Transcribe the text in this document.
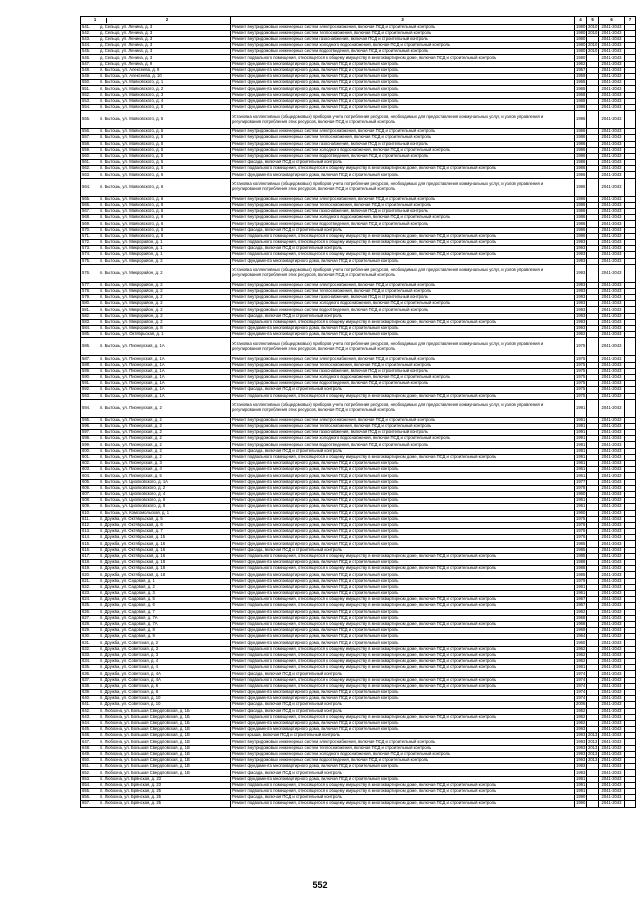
1 2	3	4	5	6	7
541. д. Сельцо, ул. Ленина, д. 3	Ремонт внутридомовых инженерных систем электроснабжения, включая ПСД и строительный контроль	1980	2010	2041-2043	
542. д. Сельцо, ул. Ленина, д. 3	Ремонт внутридомовых инженерных систем теплоснабжения, включая ПСД и строительный контроль	1980	2010	2041-2043	
543. д. Сельцо, ул. Ленина, д. 3	Ремонт внутридомовых инженерных систем газоснабжения, включая ПСД и строительный контроль	1980		2041-2043	
544. д. Сельцо, ул. Ленина, д. 3	Ремонт внутридомовых инженерных систем холодного водоснабжения, включая ПСД и строительный контроль	1980	2010	2041-2043	
545. д. Сельцо, ул. Ленина, д. 3	Ремонт внутридомовых инженерных систем водоотведения, включая ПСД и строительный контроль	1980	2010	2041-2043	
546. д. Сельцо, ул. Ленина, д. 3	Ремонт подвального помещения, относящегося к общему имуществу в многоквартирном доме, включая ПСД и строительный контроль	1980		2041-2043	
547. д. Сельцо, ул. Ленина, д. 9	Ремонт фундамента многоквартирного дома, включая ПСД и строительный контроль	1962		2041-2043	
548. п. Бытошь, ул. Алексеева, д. 9	Ремонт фундамента многоквартирного дома, включая ПСД и строительный контроль	1957		2041-2043	
549. п. Бытошь, ул. Алексеева, д. 10	Ремонт фундамента многоквартирного дома, включая ПСД и строительный контроль	1959		2041-2043	
550. п. Бытошь, ул. Маяковского, д. 1	Ремонт фундамента многоквартирного дома, включая ПСД и строительный контроль	1965		2041-2043	
551. п. Бытошь, ул. Маяковского, д. 2	Ремонт фундамента многоквартирного дома, включая ПСД и строительный контроль	1965		2041-2043	
552. п. Бытошь, ул. Маяковского, д. 3	Ремонт фундамента многоквартирного дома, включая ПСД и строительный контроль	1968		2041-2043	
553. п. Бытошь, ул. Маяковского, д. 4	Ремонт фундамента многоквартирного дома, включая ПСД и строительный контроль	1968		2041-2043	
554. п. Бытошь, ул. Маяковского, д. 5	Ремонт фундамента многоквартирного дома, включая ПСД и строительный контроль	1986		2041-2043	
555. п. Бытошь, ул. Маяковского, д. 5	Установка коллективных (общедомовых) приборов учета потребления ресурсов, необходимых для предоставления коммунальных услуг, и узлов управления и регулирования потребления этих ресурсов, включая ПСД и строительный контроль	1986		2041-2043	
556. п. Бытошь, ул. Маяковского, д. 5	Ремонт внутридомовых инженерных систем электроснабжения, включая ПСД и строительный контроль	1986		2041-2043	
557. п. Бытошь, ул. Маяковского, д. 5	Ремонт внутридомовых инженерных систем теплоснабжения, включая ПСД и строительный контроль	1986		2041-2043	
558. п. Бытошь, ул. Маяковского, д. 5	Ремонт внутридомовых инженерных систем газоснабжения, включая ПСД и строительный контроль	1986		2041-2043	
559. п. Бытошь, ул. Маяковского, д. 5	Ремонт внутридомовых инженерных систем холодного водоснабжения, включая ПСД и строительный контроль	1986		2041-2043	
560. п. Бытошь, ул. Маяковского, д. 5	Ремонт внутридомовых инженерных систем водоотведения, включая ПСД и строительный контроль	1986		2041-2043	
561. п. Бытошь, ул. Маяковского, д. 5	Ремонт фасада, включая ПСД и строительный контроль	1986		2041-2043	
562. п. Бытошь, ул. Маяковского, д. 5	Ремонт подвального помещения, относящегося к общему имуществу в многоквартирном доме, включая ПСД и строительный контроль	1986		2041-2043	
563. п. Бытошь, ул. Маяковского, д. 6	Ремонт фундамента многоквартирного дома, включая ПСД и строительный контроль	1986		2041-2043	
564. п. Бытошь, ул. Маяковского, д. 6	Установка коллективных (общедомовых) приборов учета потребления ресурсов, необходимых для предоставления коммунальных услуг, и узлов управления и регулирования потребления этих ресурсов, включая ПСД и строительный контроль	1986		2041-2043	
565. п. Бытошь, ул. Маяковского, д. 6	Ремонт внутридомовых инженерных систем электроснабжения, включая ПСД и строительный контроль	1986		2041-2043	
566. п. Бытошь, ул. Маяковского, д. 6	Ремонт внутридомовых инженерных систем теплоснабжения, включая ПСД и строительный контроль	1986		2041-2043	
567. п. Бытошь, ул. Маяковского, д. 6	Ремонт внутридомовых инженерных систем газоснабжения, включая ПСД и строительный контроль	1986		2041-2043	
568. п. Бытошь, ул. Маяковского, д. 6	Ремонт внутридомовых инженерных систем холодного водоснабжения, включая ПСД и строительный контроль	1986		2041-2043	
569. п. Бытошь, ул. Маяковского, д. 6	Ремонт внутридомовых инженерных систем водоотведения, включая ПСД и строительный контроль	1986		2041-2043	
570. п. Бытошь, ул. Маяковского, д. 6	Ремонт фасада, включая ПСД и строительный контроль	1986		2041-2043	
571. п. Бытошь, ул. Маяковского, д. 6	Ремонт подвального помещения, относящегося к общему имуществу в многоквартирном доме, включая ПСД и строительный контроль	1986		2041-2043	
572. п. Бытошь, ул. Микрорайон, д. 1	Ремонт подвального помещения, относящегося к общему имуществу в многоквартирном доме, включая ПСД и строительный контроль	1993		2041-2043	
573. п. Бытошь, ул. Микрорайон, д. 1	Ремонт фасада, включая ПСД и строительный контроль	1993		2041-2043	
574. п. Бытошь, ул. Микрорайон, д. 1	Ремонт подвального помещения, относящегося к общему имуществу в многоквартирном доме, включая ПСД и строительный контроль	1993		2041-2043	
575. п. Бытошь, ул. Микрорайон, д. 2	Ремонт фундамента многоквартирного дома, включая ПСД и строительный контроль	1993		2041-2043	
576. п. Бытошь, ул. Микрорайон, д. 2	Установка коллективных (общедомовых) приборов учета потребления ресурсов, необходимых для предоставления коммунальных услуг, и узлов управления и регулирования потребления этих ресурсов, включая ПСД и строительный контроль	1993		2041-2043	
577. п. Бытошь, ул. Микрорайон, д. 2	Ремонт внутридомовых инженерных систем электроснабжения, включая ПСД и строительный контроль	1993		2041-2043	
578. п. Бытошь, ул. Микрорайон, д. 2	Ремонт внутридомовых инженерных систем теплоснабжения, включая ПСД и строительный контроль	1993		2041-2043	
579. п. Бытошь, ул. Микрорайон, д. 2	Ремонт внутридомовых инженерных систем газоснабжения, включая ПСД и строительный контроль	1993		2041-2043	
580. п. Бытошь, ул. Микрорайон, д. 2	Ремонт внутридомовых инженерных систем холодного водоснабжения, включая ПСД и строительный контроль	1993		2041-2043	
581. п. Бытошь, ул. Микрорайон, д. 2	Ремонт внутридомовых инженерных систем водоотведения, включая ПСД и строительный контроль	1993		2041-2043	
582. п. Бытошь, ул. Микрорайон, д. 2	Ремонт фасада, включая ПСД и строительный контроль	1993		2041-2043	
583. п. Бытошь, ул. Микрорайон, д. 2	Ремонт подвального помещения, относящегося к общему имуществу в многоквартирном доме, включая ПСД и строительный контроль	1993		2041-2043	
584. п. Бытошь, ул. Микрорайон, д. 8	Ремонт фундамента многоквартирного дома, включая ПСД и строительный контроль	1993		2041-2043	
585. п. Бытошь, ул. Октябрьская, д. 1	Ремонт фундамента многоквартирного дома, включая ПСД и строительный контроль	1962		2041-2043	
586. п. Бытошь, ул. Пионерская, д. 1А	Установка коллективных (общедомовых) приборов учета потребления ресурсов, необходимых для предоставления коммунальных услуг, и узлов управления и регулирования потребления этих ресурсов, включая ПСД и строительный контроль	1975		2041-2043	
587. п. Бытошь, ул. Пионерская, д. 1А	Ремонт внутридомовых инженерных систем электроснабжения, включая ПСД и строительный контроль	1975		2041-2043	
588. п. Бытошь, ул. Пионерская, д. 1А	Ремонт внутридомовых инженерных систем теплоснабжения, включая ПСД и строительный контроль	1975		2041-2043	
589. п. Бытошь, ул. Пионерская, д. 1А	Ремонт внутридомовых инженерных систем газоснабжения, включая ПСД и строительный контроль	1975		2041-2043	
590. п. Бытошь, ул. Пионерская, д. 1А	Ремонт внутридомовых инженерных систем холодного водоснабжения, включая ПСД и строительный контроль	1975		2041-2043	
591. п. Бытошь, ул. Пионерская, д. 1А	Ремонт внутридомовых инженерных систем водоотведения, включая ПСД и строительный контроль	1975		2041-2043	
592. п. Бытошь, ул. Пионерская, д. 1А	Ремонт фасада, включая ПСД и строительный контроль	1975		2041-2043	
593. п. Бытошь, ул. Пионерская, д. 1А	Ремонт подвального помещения, относящегося к общему имуществу в многоквартирном доме, включая ПСД и строительный контроль	1975		2041-2043	
594. п. Бытошь, ул. Пионерская, д. 2	Установка коллективных (общедомовых) приборов учета потребления ресурсов, необходимых для предоставления коммунальных услуг, и узлов управления и регулирования потребления этих ресурсов, включая ПСД и строительный контроль	1991		2041-2043	
595. п. Бытошь, ул. Пионерская, д. 2	Ремонт внутридомовых инженерных систем электроснабжения, включая ПСД и строительный контроль	1991		2041-2043	
596. п. Бытошь, ул. Пионерская, д. 2	Ремонт внутридомовых инженерных систем теплоснабжения, включая ПСД и строительный контроль	1991		2041-2043	
597. п. Бытошь, ул. Пионерская, д. 2	Ремонт внутридомовых инженерных систем газоснабжения, включая ПСД и строительный контроль	1991		2041-2043	
598. п. Бытошь, ул. Пионерская, д. 2	Ремонт внутридомовых инженерных систем холодного водоснабжения, включая ПСД и строительный контроль	1991		2041-2043	
599. п. Бытошь, ул. Пионерская, д. 2	Ремонт внутридомовых инженерных систем водоотведения, включая ПСД и строительный контроль	1991		2041-2043	
600. п. Бытошь, ул. Пионерская, д. 2	Ремонт фасада, включая ПСД и строительный контроль	1991		2041-2043	
601. п. Бытошь, ул. Пионерская, д. 2	Ремонт подвального помещения, относящегося к общему имуществу в многоквартирном доме, включая ПСД и строительный контроль	1991		2041-2043	
602. п. Бытошь, ул. Пионерская, д. 3	Ремонт фундамента многоквартирного дома, включая ПСД и строительный контроль	1961		2041-2043	
603. п. Бытошь, ул. Пионерская, д. 4	Ремонт фундамента многоквартирного дома, включая ПСД и строительный контроль	1961		2041-2043	
604. п. Бытошь, ул. Пионерская, д. 5	Ремонт фундамента многоквартирного дома, включая ПСД и строительный контроль	1961		2041-2043	
605. п. Бытошь, ул. Циолковского, д. 1А	Ремонт фундамента многоквартирного дома, включая ПСД и строительный контроль	1977		2041-2043	
606. п. Бытошь, ул. Циолковского, д. 2	Ремонт фундамента многоквартирного дома, включая ПСД и строительный контроль	1978		2041-2043	
607. п. Бытошь, ул. Циолковского, д. 4	Ремонт фундамента многоквартирного дома, включая ПСД и строительный контроль	1960		2041-2043	
608. п. Бытошь, ул. Циолковского, д. 6	Ремонт фундамента многоквартирного дома, включая ПСД и строительный контроль	1961		2041-2043	
609. п. Бытошь, ул. Циолковского, д. 8	Ремонт фундамента многоквартирного дома, включая ПСД и строительный контроль	1961		2041-2043	
610. п. Бытошь, ул. Комсомольская, д. 1	Ремонт фундамента многоквартирного дома, включая ПСД и строительный контроль	1960		2041-2043	
611. п. Дружба, ул. Октябрьская, д. 5	Ремонт фундамента многоквартирного дома, включая ПСД и строительный контроль	1975		2041-2043	
612. п. Дружба, ул. Октябрьская, д. 6	Ремонт фундамента многоквартирного дома, включая ПСД и строительный контроль	1976		2041-2043	
613. п. Дружба, ул. Октябрьская, д. 7	Ремонт фундамента многоквартирного дома, включая ПСД и строительный контроль	1976		2041-2043	
614. п. Дружба, ул. Октябрьская, д. 15	Ремонт фундамента многоквартирного дома, включая ПСД и строительный контроль	1976		2041-2043	
615. п. Дружба, ул. Октябрьская, д. 16	Ремонт фундамента многоквартирного дома, включая ПСД и строительный контроль	1985		2041-2043	
616. п. Дружба, ул. Октябрьская, д. 16	Ремонт фасада, включая ПСД и строительный контроль	1985		2041-2043	
617. п. Дружба, ул. Октябрьская, д. 16	Ремонт подвального помещения, относящегося к общему имуществу в многоквартирном доме, включая ПСД и строительный контроль	1985		2041-2043	
618. п. Дружба, ул. Октябрьская, д. 18	Ремонт фундамента многоквартирного дома, включая ПСД и строительный контроль	1988		2041-2043	
619. п. Дружба, ул. Октябрьская, д. 18	Ремонт подвального помещения, относящегося к общему имуществу в многоквартирном доме, включая ПСД и строительный контроль	1988		2041-2043	
620. п. Дружба, ул. Октябрьская, д. 18	Ремонт фундамента многоквартирного дома, включая ПСД и строительный контроль	1985		2041-2043	
621. п. Дружба, ул. Садовая, д. 1	Ремонт фундамента многоквартирного дома, включая ПСД и строительный контроль	1979		2041-2043	
622. п. Дружба, ул. Садовая, д. 2	Ремонт фундамента многоквартирного дома, включая ПСД и строительный контроль	1961		2041-2043	
623. п. Дружба, ул. Садовая, д. 3	Ремонт фундамента многоквартирного дома, включая ПСД и строительный контроль	1961		2041-2043	
624. п. Дружба, ул. Садовая, д. 5	Ремонт подвального помещения, относящегося к общему имуществу в многоквартирном доме, включая ПСД и строительный контроль	1967		2041-2043	
625. п. Дружба, ул. Садовая, д. 6	Ремонт подвального помещения, относящегося к общему имуществу в многоквартирном доме, включая ПСД и строительный контроль	1967		2041-2043	
626. п. Дружба, ул. Садовая, д. 7	Ремонт фундамента многоквартирного дома, включая ПСД и строительный контроль	1962		2041-2043	
627. п. Дружба, ул. Садовая, д. 7А	Ремонт фундамента многоквартирного дома, включая ПСД и строительный контроль	1968		2041-2043	
628. п. Дружба, ул. Садовая, д. 7А	Ремонт подвального помещения, относящегося к общему имуществу в многоквартирном доме, включая ПСД и строительный контроль	1968		2041-2043	
629. п. Дружба, ул. Садовая, д. 8	Ремонт фундамента многоквартирного дома, включая ПСД и строительный контроль	1969		2041-2043	
630. п. Дружба, ул. Садовая, д. 9	Ремонт фундамента многоквартирного дома, включая ПСД и строительный контроль	1964		2041-2043	
631. п. Дружба, ул. Советская, д. 2	Ремонт фундамента многоквартирного дома, включая ПСД и строительный контроль	1960		2041-2043	
632. п. Дружба, ул. Советская, д. 3	Ремонт подвального помещения, относящегося к общему имуществу в многоквартирном доме, включая ПСД и строительный контроль	1962		2041-2043	
633. п. Дружба, ул. Советская, д. 3	Ремонт подвального помещения, относящегося к общему имуществу в многоквартирном доме, включая ПСД и строительный контроль	1962		2041-2043	
634. п. Дружба, ул. Советская, д. 4	Ремонт подвального помещения, относящегося к общему имуществу в многоквартирном доме, включая ПСД и строительный контроль	1962		2041-2043	
635. п. Дружба, ул. Советская, д. 4	Ремонт подвального помещения, относящегося к общему имуществу в многоквартирном доме, включая ПСД и строительный контроль	1961		2041-2043	
636. п. Дружба, ул. Советская, д. 4А	Ремонт фасада, включая ПСД и строительный контроль	1974		2041-2043	
637. п. Дружба, ул. Советская, д. 4А	Ремонт подвального помещения, относящегося к общему имуществу в многоквартирном доме, включая ПСД и строительный контроль	1974		2041-2043	
638. п. Дружба, ул. Советская, д. 6	Ремонт подвального помещения, относящегося к общему имуществу в многоквартирном доме, включая ПСД и строительный контроль	1974		2041-2043	
639. п. Дружба, ул. Советская, д. 8	Ремонт фундамента многоквартирного дома, включая ПСД и строительный контроль	1974		2041-2043	
640. п. Дружба, ул. Советская, д. 10	Ремонт фундамента многоквартирного дома, включая ПСД и строительный контроль	1974		2041-2043	
641. п. Дружба, ул. Советская, д. 10	Ремонт фасада, включая ПСД и строительный контроль	2006		2041-2043	
642. п. Любохна, ул. Большая Свердловская, д. 1Б	Ремонт фасада, включая ПСД и строительный контроль	1962		2041-2043	
643. п. Любохна, ул. Большая Свердловская, д. 1Б	Ремонт подвального помещения, относящегося к общему имуществу в многоквартирном доме, включая ПСД и строительный контроль	1962		2041-2043	
644. п. Любохна, ул. Большая Свердловская, д. 1Б	Ремонт фундамента многоквартирного дома, включая ПСД и строительный контроль	1962		2041-2043	
645. п. Любохна, ул. Большая Свердловская, д. 1В	Ремонт фундамента многоквартирного дома, включая ПСД и строительный контроль	1993		2041-2043	
646. п. Любохна, ул. Большая Свердловская, д. 1В	Ремонт крыши, включая ПСД и строительный контроль	1993	2013	2041-2043	
647. п. Любохна, ул. Большая Свердловская, д. 1В	Ремонт внутридомовых инженерных систем электроснабжения, включая ПСД и строительный контроль	1993	2013	2041-2043	
648. п. Любохна, ул. Большая Свердловская, д. 1В	Ремонт внутридомовых инженерных систем теплоснабжения, включая ПСД и строительный контроль	1993	2013	2041-2043	
649. п. Любохна, ул. Большая Свердловская, д. 1В	Ремонт внутридомовых инженерных систем холодного водоснабжения, включая ПСД и строительный контроль	1993	2013	2041-2043	
650. п. Любохна, ул. Большая Свердловская, д. 1В	Ремонт внутридомовых инженерных систем водоотведения, включая ПСД и строительный контроль	1993	2013	2041-2043	
651. п. Любохна, ул. Большая Свердловская, д. 1В	Ремонт фундамента многоквартирного дома, включая ПСД и строительный контроль	1993		2041-2043	
652. п. Любохна, ул. Большая Свердловская, д. 1В	Ремонт фасада, включая ПСД и строительный контроль	1993		2041-2043	
653. п. Любохна, ул. Брянская, д. 23	Ремонт фундамента многоквартирного дома, включая ПСД и строительный контроль	1991		2041-2043	
654. п. Любохна, ул. Брянская, д. 23	Ремонт подвального помещения, относящегося к общему имуществу в многоквартирном доме, включая ПСД и строительный контроль	1991		2041-2043	
655. п. Любохна, ул. Брянская, д. 25	Ремонт подвального помещения, относящегося к общему имуществу в многоквартирном доме, включая ПСД и строительный контроль	1991		2041-2043	
656. п. Любохна, ул. Брянская, д. 25	Ремонт фасада, включая ПСД и строительный контроль	1990		2041-2043	
657. п. Любохна, ул. Брянская, д. 25	Ремонт подвального помещения, относящегося к общему имуществу в многоквартирном доме, включая ПСД и строительный контроль	1990		2041-2043	
552
